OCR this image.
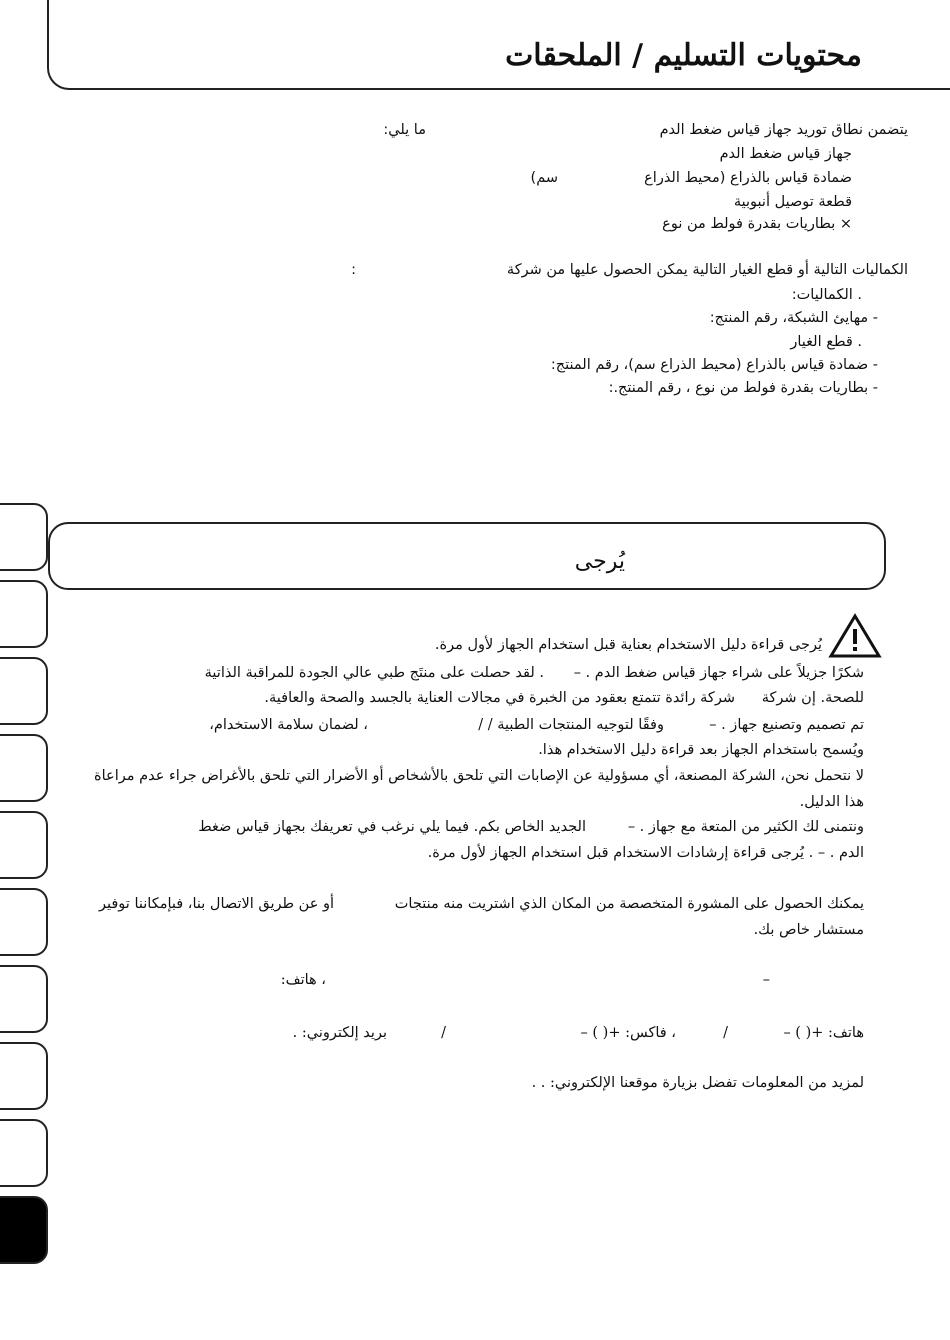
محتويات التسليم / الملحقات
يتضمن نطاق توريد جهاز قياس ضغط الدم
ما يلي:
جهاز قياس ضغط الدم
ضمادة قياس بالذراع (محيط الذراع
سم)
قطعة توصيل أنبوبية
× بطاريات بقدرة فولط من نوع
الكماليات التالية أو قطع الغيار التالية يمكن الحصول عليها من شركة
:
. الكماليات:
- مهايئ الشبكة، رقم المنتج:
. قطع الغيار
- ضمادة قياس بالذراع (محيط الذراع سم)، رقم المنتج:
- بطاريات بقدرة فولط من نوع ، رقم المنتج.:
يُرجى
يُرجى قراءة دليل الاستخدام بعناية قبل استخدام الجهاز لأول مرة.
شكرًا جزيلاً على شراء جهاز قياس ضغط الدم . –
. لقد حصلت على منتَج طبي عالي الجودة للمراقبة الذاتية
للصحة. إن شركة
شركة رائدة تتمتع بعقود من الخبرة في مجالات العناية بالجسد والصحة والعافية.
تم تصميم وتصنيع جهاز . –
وفقًا لتوجيه المنتجات الطبية / /
، لضمان سلامة الاستخدام،
ويُسمح باستخدام الجهاز بعد قراءة دليل الاستخدام هذا.
لا نتحمل نحن، الشركة المصنعة، أي مسؤولية عن الإصابات التي تلحق بالأشخاص أو الأضرار التي تلحق بالأغراض جراء عدم مراعاة
هذا الدليل.
ونتمنى لك الكثير من المتعة مع جهاز . –
الجديد الخاص بكم. فيما يلي نرغب في تعريفك بجهاز قياس ضغط
الدم . – . يُرجى قراءة إرشادات الاستخدام قبل استخدام الجهاز لأول مرة.
يمكنك الحصول على المشورة المتخصصة من المكان الذي اشتريت منه منتجات
أو عن طريق الاتصال بنا، فبإمكاننا توفير
مستشار خاص بك.
–
، هاتف:
هاتف: +( ) –
/
، فاكس: +( ) –
/
بريد إلكتروني: .
لمزيد من المعلومات تفضل بزيارة موقعنا الإلكتروني: . .
